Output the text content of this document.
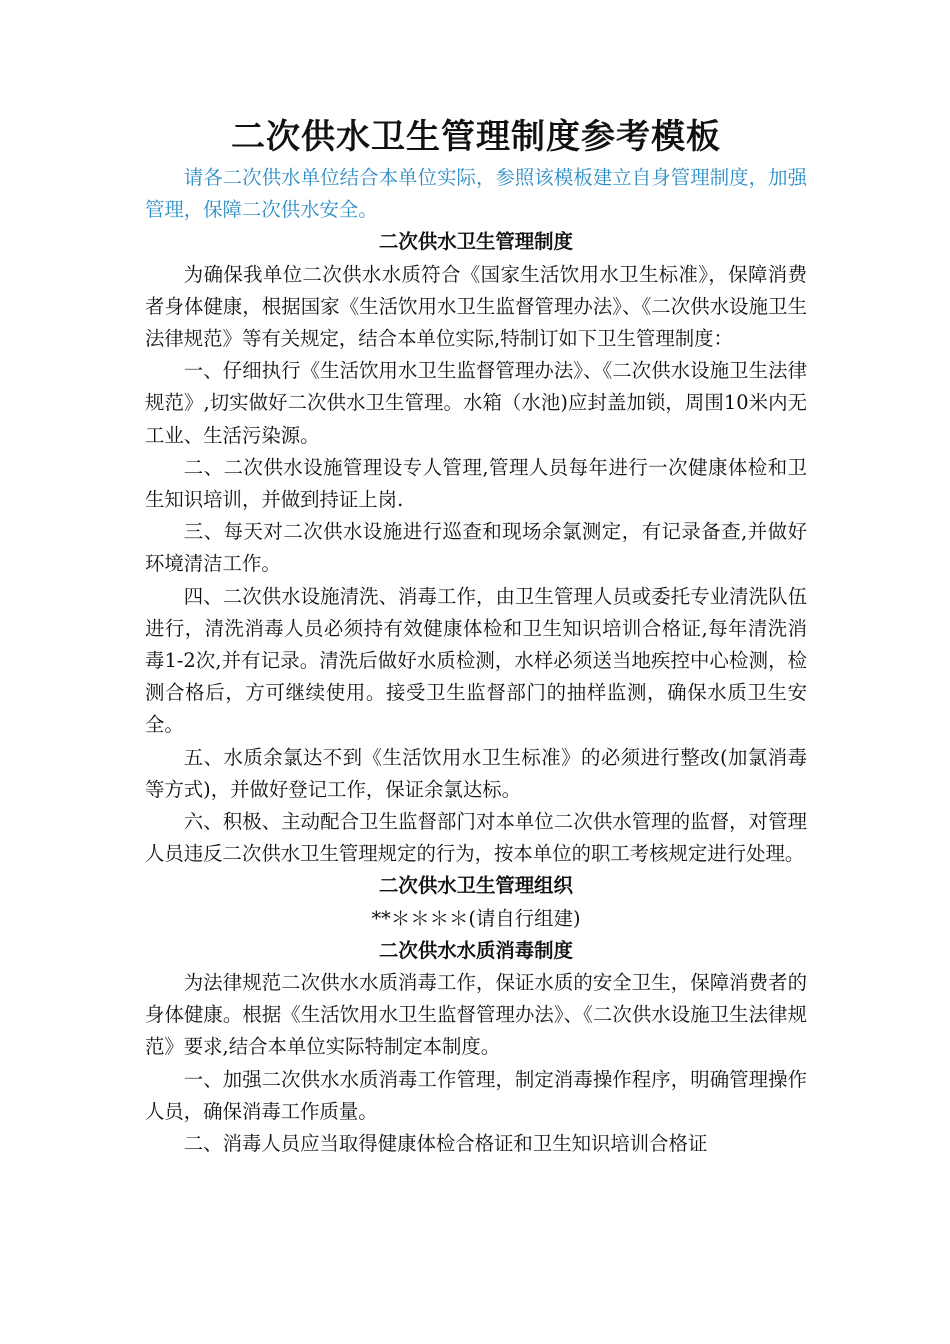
二次供水卫生管理制度参考模板

请各二次供水单位结合本单位实际，参照该模板建立自身管理制度，加强管理，保障二次供水安全。

二次供水卫生管理制度

为确保我单位二次供水水质符合《国家生活饮用水卫生标准》，保障消费者身体健康，根据国家《生活饮用水卫生监督管理办法》、《二次供水设施卫生法律规范》等有关规定，结合本单位实际,特制订如下卫生管理制度：

一、仔细执行《生活饮用水卫生监督管理办法》、《二次供水设施卫生法律规范》,切实做好二次供水卫生管理。水箱（水池)应封盖加锁，周围10米内无工业、生活污染源。

二、二次供水设施管理设专人管理,管理人员每年进行一次健康体检和卫生知识培训，并做到持证上岗.

三、每天对二次供水设施进行巡查和现场余氯测定，有记录备查,并做好环境清洁工作。

四、二次供水设施清洗、消毒工作，由卫生管理人员或委托专业清洗队伍进行，清洗消毒人员必须持有效健康体检和卫生知识培训合格证,每年清洗消毒1-2次,并有记录。清洗后做好水质检测，水样必须送当地疾控中心检测，检测合格后，方可继续使用。接受卫生监督部门的抽样监测，确保水质卫生安全。

五、水质余氯达不到《生活饮用水卫生标准》的必须进行整改(加氯消毒等方式)，并做好登记工作，保证余氯达标。

六、积极、主动配合卫生监督部门对本单位二次供水管理的监督，对管理人员违反二次供水卫生管理规定的行为，按本单位的职工考核规定进行处理。

二次供水卫生管理组织

**＊＊＊＊(请自行组建)

二次供水水质消毒制度

为法律规范二次供水水质消毒工作，保证水质的安全卫生，保障消费者的身体健康。根据《生活饮用水卫生监督管理办法》、《二次供水设施卫生法律规范》要求,结合本单位实际特制定本制度。

一、加强二次供水水质消毒工作管理，制定消毒操作程序，明确管理操作人员，确保消毒工作质量。

二、消毒人员应当取得健康体检合格证和卫生知识培训合格证
